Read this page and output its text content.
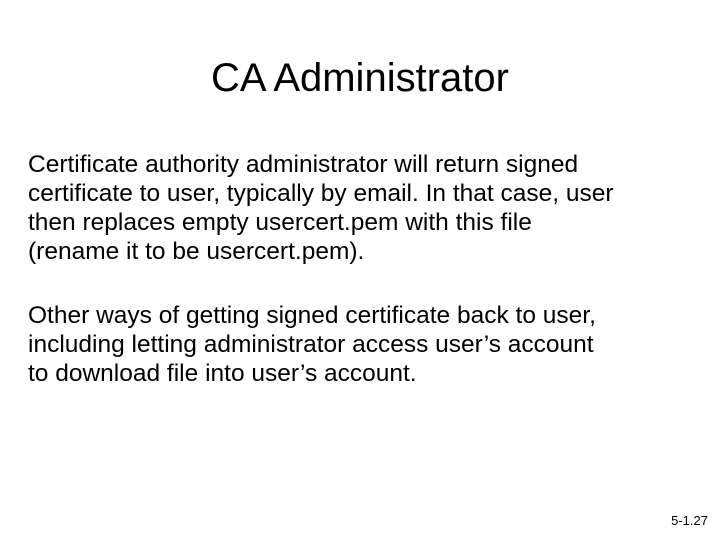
CA Administrator

Certificate authority administrator will return signed
certificate to user, typically by email. In that case, user
then replaces empty usercert.pem with this file
(rename it to be usercert.pem).

Other ways of getting signed certificate back to user,
including letting administrator access user’s account
to download file into user’s account.

5-1.27
